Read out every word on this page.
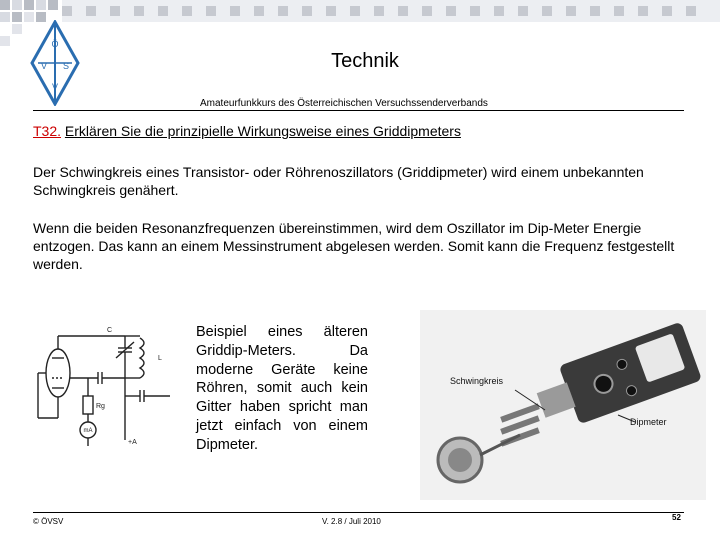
Ö
V S
V
Technik
Amateurfunkkurs des Österreichischen Versuchssenderverbands
T32. Erklären Sie die prinzipielle Wirkungsweise eines Griddipmeters
Der Schwingkreis eines Transistor- oder Röhrenoszillators (Griddipmeter) wird einem unbekannten Schwingkreis genähert.
Wenn die beiden Resonanzfrequenzen übereinstimmen, wird dem Oszillator im Dip-Meter Energie entzogen. Das kann an einem Messinstrument abgelesen werden. Somit kann die Frequenz festgestellt werden.
C
L
Rg
mA
+A
Beispiel eines älteren Griddip-Meters. Da moderne Geräte keine Röhren, somit auch kein Gitter haben spricht man jetzt einfach von einem Dipmeter.
Schwingkreis
Dipmeter
© ÖVSV	V. 2.8 / Juli 2010	52
